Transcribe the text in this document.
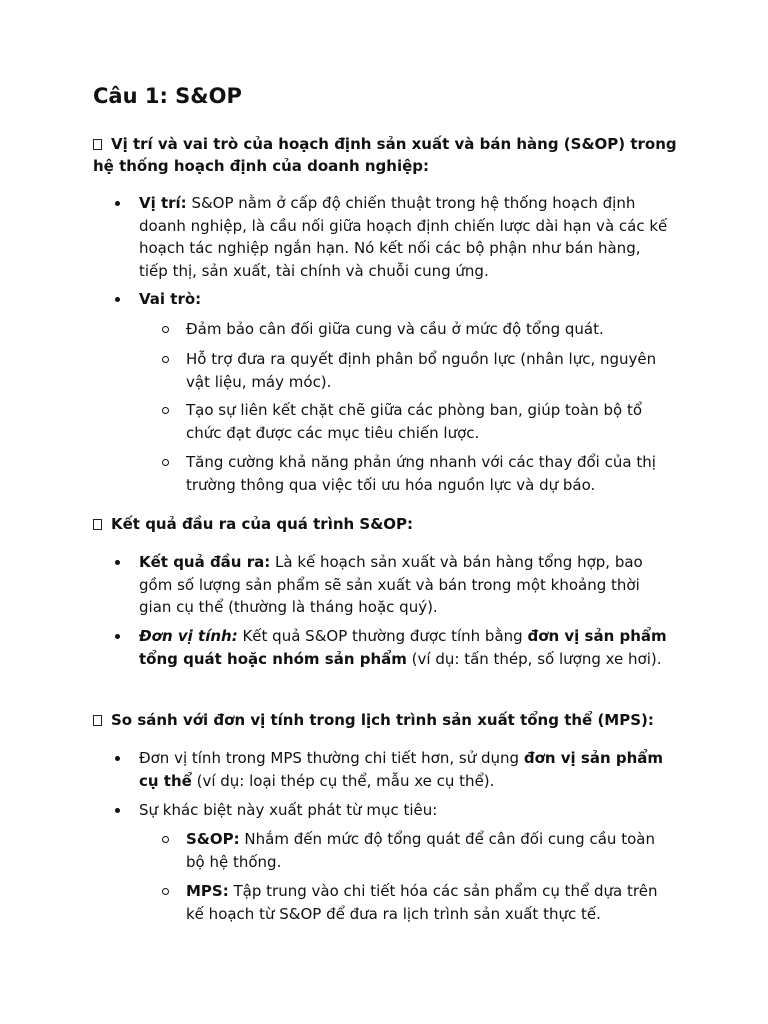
Câu 1: S&OP
Vị trí và vai trò của hoạch định sản xuất và bán hàng (S&OP) trong hệ thống hoạch định của doanh nghiệp:
Vị trí: S&OP nằm ở cấp độ chiến thuật trong hệ thống hoạch định doanh nghiệp, là cầu nối giữa hoạch định chiến lược dài hạn và các kế hoạch tác nghiệp ngắn hạn. Nó kết nối các bộ phận như bán hàng, tiếp thị, sản xuất, tài chính và chuỗi cung ứng.
Vai trò:
Đảm bảo cân đối giữa cung và cầu ở mức độ tổng quát.
Hỗ trợ đưa ra quyết định phân bổ nguồn lực (nhân lực, nguyên vật liệu, máy móc).
Tạo sự liên kết chặt chẽ giữa các phòng ban, giúp toàn bộ tổ chức đạt được các mục tiêu chiến lược.
Tăng cường khả năng phản ứng nhanh với các thay đổi của thị trường thông qua việc tối ưu hóa nguồn lực và dự báo.
Kết quả đầu ra của quá trình S&OP:
Kết quả đầu ra: Là kế hoạch sản xuất và bán hàng tổng hợp, bao gồm số lượng sản phẩm sẽ sản xuất và bán trong một khoảng thời gian cụ thể (thường là tháng hoặc quý).
Đơn vị tính: Kết quả S&OP thường được tính bằng đơn vị sản phẩm tổng quát hoặc nhóm sản phẩm (ví dụ: tấn thép, số lượng xe hơi).
So sánh với đơn vị tính trong lịch trình sản xuất tổng thể (MPS):
Đơn vị tính trong MPS thường chi tiết hơn, sử dụng đơn vị sản phẩm cụ thể (ví dụ: loại thép cụ thể, mẫu xe cụ thể).
Sự khác biệt này xuất phát từ mục tiêu:
S&OP: Nhắm đến mức độ tổng quát để cân đối cung cầu toàn bộ hệ thống.
MPS: Tập trung vào chi tiết hóa các sản phẩm cụ thể dựa trên kế hoạch từ S&OP để đưa ra lịch trình sản xuất thực tế.
